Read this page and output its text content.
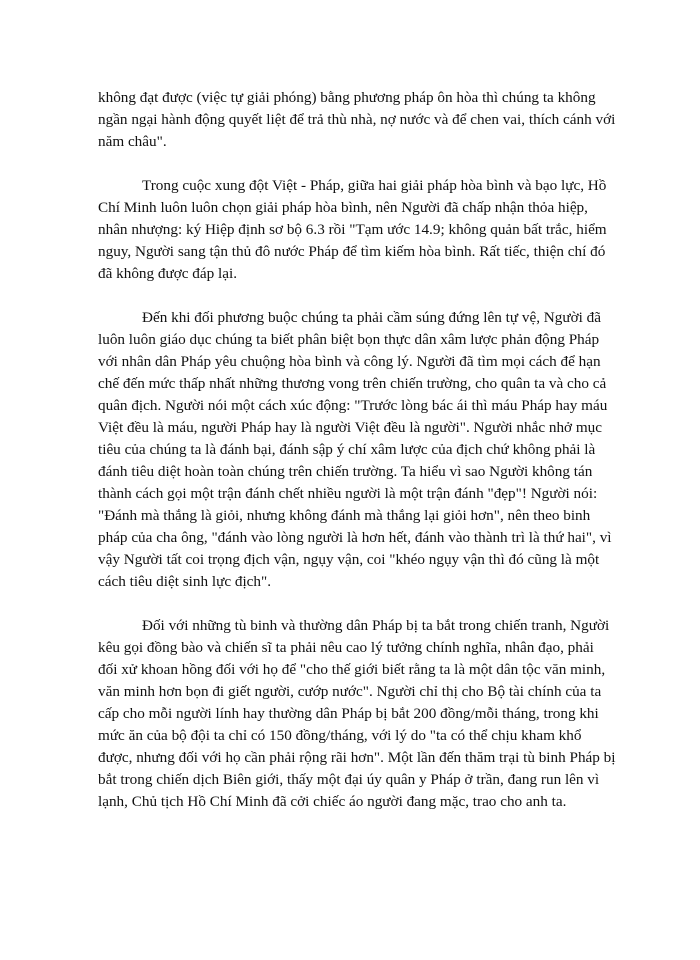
không đạt được (việc tự giải phóng) bằng phương pháp ôn hòa thì chúng ta không ngần ngại hành động quyết liệt để trả thù nhà, nợ nước và để chen vai, thích cánh với năm châu".

Trong cuộc xung đột Việt - Pháp, giữa hai giải pháp hòa bình và bạo lực, Hồ Chí Minh luôn luôn chọn giải pháp hòa bình, nên Người đã chấp nhận thỏa hiệp, nhân nhượng: ký Hiệp định sơ bộ 6.3 rồi "Tạm ước 14.9; không quản bất trắc, hiểm nguy, Người sang tận thủ đô nước Pháp để tìm kiếm hòa bình. Rất tiếc, thiện chí đó đã không được đáp lại.

Đến khi đối phương buộc chúng ta phải cầm súng đứng lên tự vệ, Người đã luôn luôn giáo dục chúng ta biết phân biệt bọn thực dân xâm lược phản động Pháp với nhân dân Pháp yêu chuộng hòa bình và công lý. Người đã tìm mọi cách để hạn chế đến mức thấp nhất những thương vong trên chiến trường, cho quân ta và cho cả quân địch. Người nói một cách xúc động: "Trước lòng bác ái thì máu Pháp hay máu Việt đều là máu, người Pháp hay là người Việt đều là người". Người nhắc nhở mục tiêu của chúng ta là đánh bại, đánh sập ý chí xâm lược của địch chứ không phải là đánh tiêu diệt hoàn toàn chúng trên chiến trường. Ta hiểu vì sao Người không tán thành cách gọi một trận đánh chết nhiều người là một trận đánh "đẹp"! Người nói: "Đánh mà thắng là giỏi, nhưng không đánh mà thắng lại giỏi hơn", nên theo binh pháp của cha ông, "đánh vào lòng người là hơn hết, đánh vào thành trì là thứ hai", vì vậy Người tất coi trọng địch vận, ngụy vận, coi "khéo ngụy vận thì đó cũng là một cách tiêu diệt sinh lực địch".

Đối với những tù binh và thường dân Pháp bị ta bắt trong chiến tranh, Người kêu gọi đồng bào và chiến sĩ ta phải nêu cao lý tưởng chính nghĩa, nhân đạo, phải đối xử khoan hồng đối với họ để "cho thế giới biết rằng ta là một dân tộc văn minh, văn minh hơn bọn đi giết người, cướp nước". Người chỉ thị cho Bộ tài chính của ta cấp cho mỗi người lính hay thường dân Pháp bị bắt 200 đồng/mỗi tháng, trong khi mức ăn của bộ đội ta chỉ có 150 đồng/tháng, với lý do "ta có thể chịu kham khổ được, nhưng đối với họ cần phải rộng rãi hơn". Một lần đến thăm trại tù binh Pháp bị bắt trong chiến dịch Biên giới, thấy một đại úy quân y Pháp ở trần, đang run lên vì lạnh, Chủ tịch Hồ Chí Minh đã cởi chiếc áo người đang mặc, trao cho anh ta.
